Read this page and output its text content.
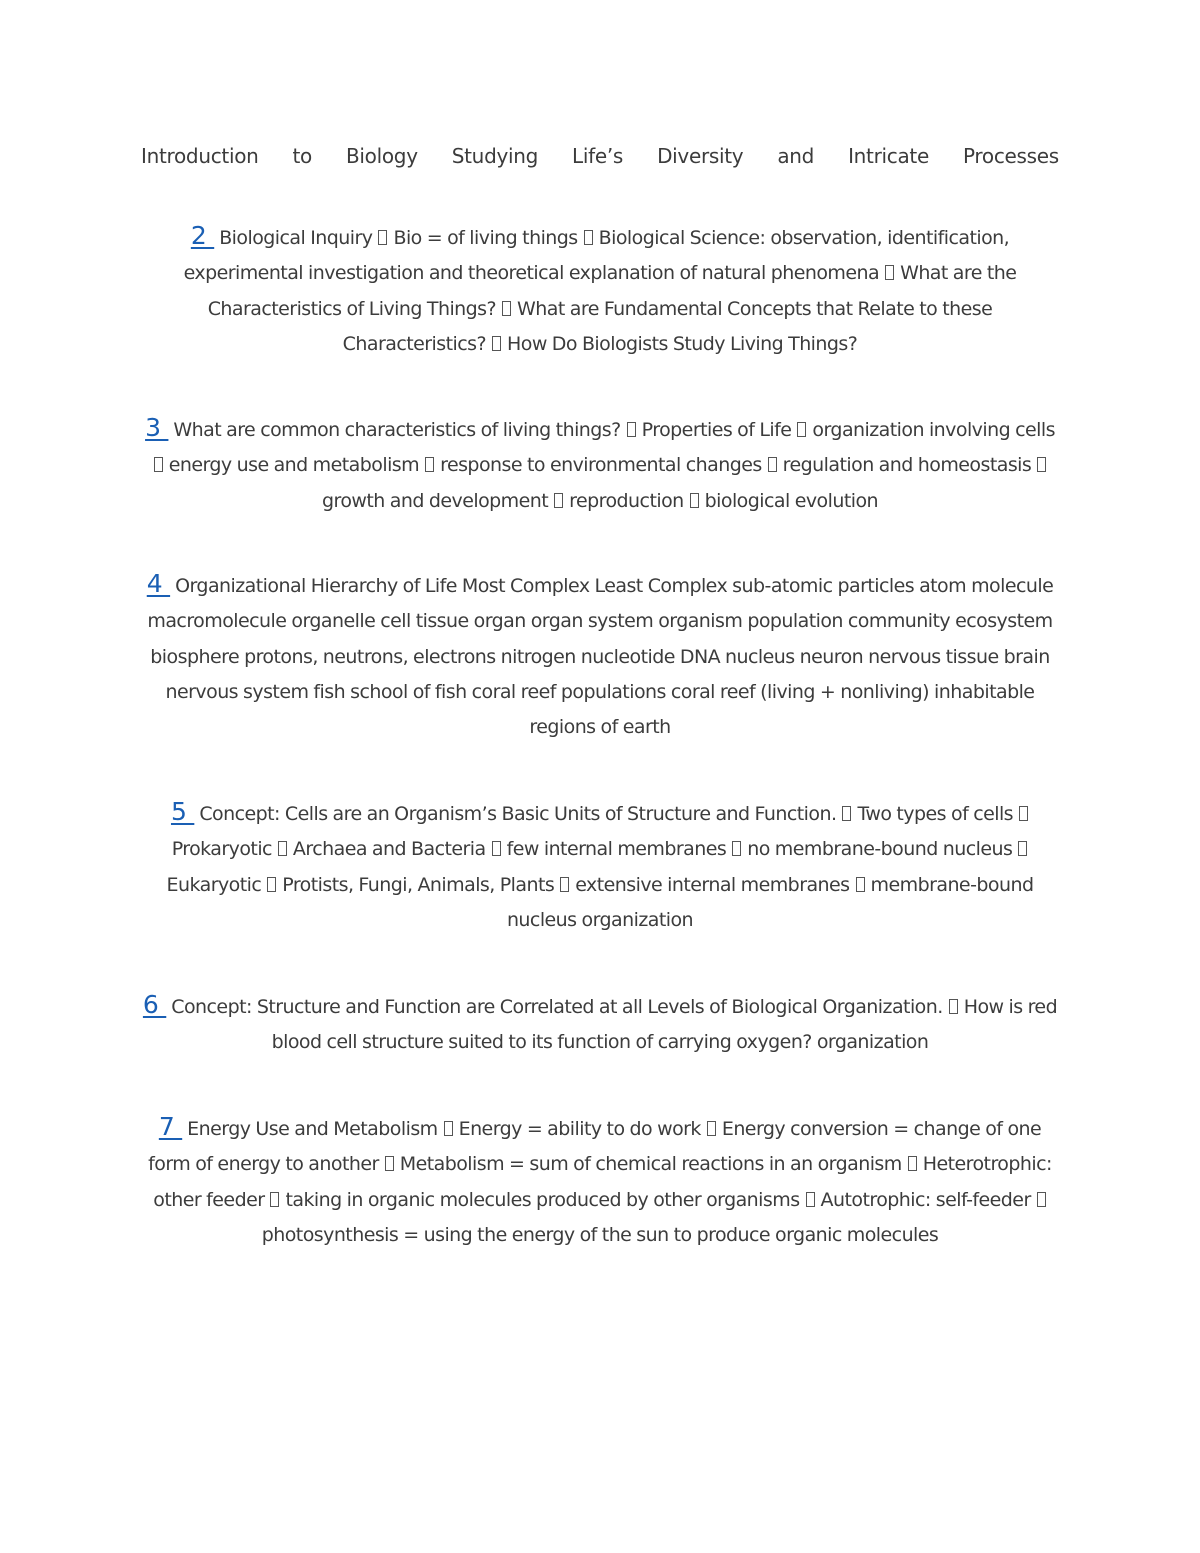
Introduction to Biology Studying Life’s Diversity and Intricate Processes
2  Biological Inquiry  Bio = of living things  Biological Science: observation, identification, experimental investigation and theoretical explanation of natural phenomena  What are the Characteristics of Living Things?  What are Fundamental Concepts that Relate to these Characteristics?  How Do Biologists Study Living Things?
3  What are common characteristics of living things?  Properties of Life  organization involving cells  energy use and metabolism  response to environmental changes  regulation and homeostasis  growth and development  reproduction  biological evolution
4  Organizational Hierarchy of Life Most Complex Least Complex sub-atomic particles atom molecule macromolecule organelle cell tissue organ organ system organism population community ecosystem biosphere protons, neutrons, electrons nitrogen nucleotide DNA nucleus neuron nervous tissue brain nervous system fish school of fish coral reef populations coral reef (living + nonliving) inhabitable regions of earth
5  Concept: Cells are an Organism’s Basic Units of Structure and Function.  Two types of cells  Prokaryotic  Archaea and Bacteria  few internal membranes  no membrane-bound nucleus  Eukaryotic  Protists, Fungi, Animals, Plants  extensive internal membranes  membrane-bound nucleus organization
6  Concept: Structure and Function are Correlated at all Levels of Biological Organization.  How is red blood cell structure suited to its function of carrying oxygen? organization
7  Energy Use and Metabolism  Energy = ability to do work  Energy conversion = change of one form of energy to another  Metabolism = sum of chemical reactions in an organism  Heterotrophic: other feeder  taking in organic molecules produced by other organisms  Autotrophic: self-feeder  photosynthesis = using the energy of the sun to produce organic molecules
